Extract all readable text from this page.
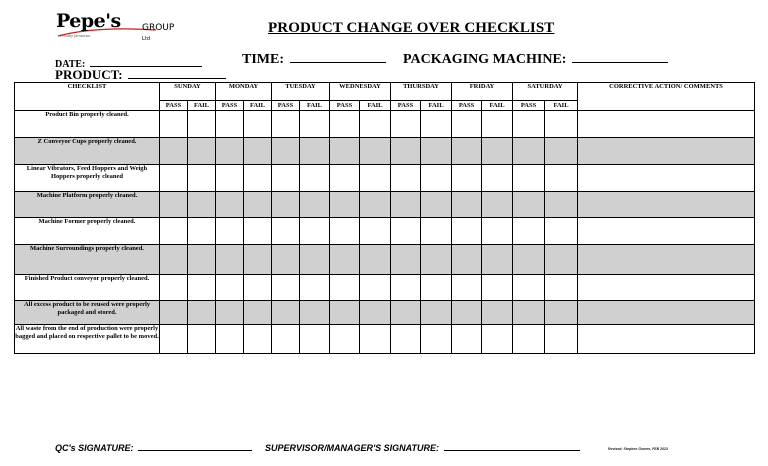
Pepe's GROUP Ltd
Proudly Jamaican	PRODUCT CHANGE OVER CHECKLIST
DATE:	TIME:	PACKAGING MACHINE:
PRODUCT:
CHECKLIST	SUNDAY		MONDAY		TUESDAY		WEDNESDAY		THURSDAY		FRIDAY		SATURDAY		CORRECTIVE ACTION/ COMMENTS
	PASS	FAIL	PASS	FAIL	PASS	FAIL	PASS	FAIL	PASS	FAIL	PASS	FAIL	PASS	FAIL	
Product Bin properly cleaned.															
Z Conveyor Cups properly cleaned.															
Linear Vibrators, Feed Hoppers and Weigh Hoppers properly cleaned															
Machine Platform properly cleaned.															
Machine Former properly cleaned.															
Machine Surroundings properly cleaned.															
Finished Product conveyor properly cleaned.															
All excess product to be reused were properly packaged and stored.															
All waste from the end of production were properly bagged and placed on respective pallet to be moved.															
QC's SIGNATURE:	SUPERVISOR/MANAGER'S SIGNATURE:	Revised: Stephen Gomes, FEB 2023
